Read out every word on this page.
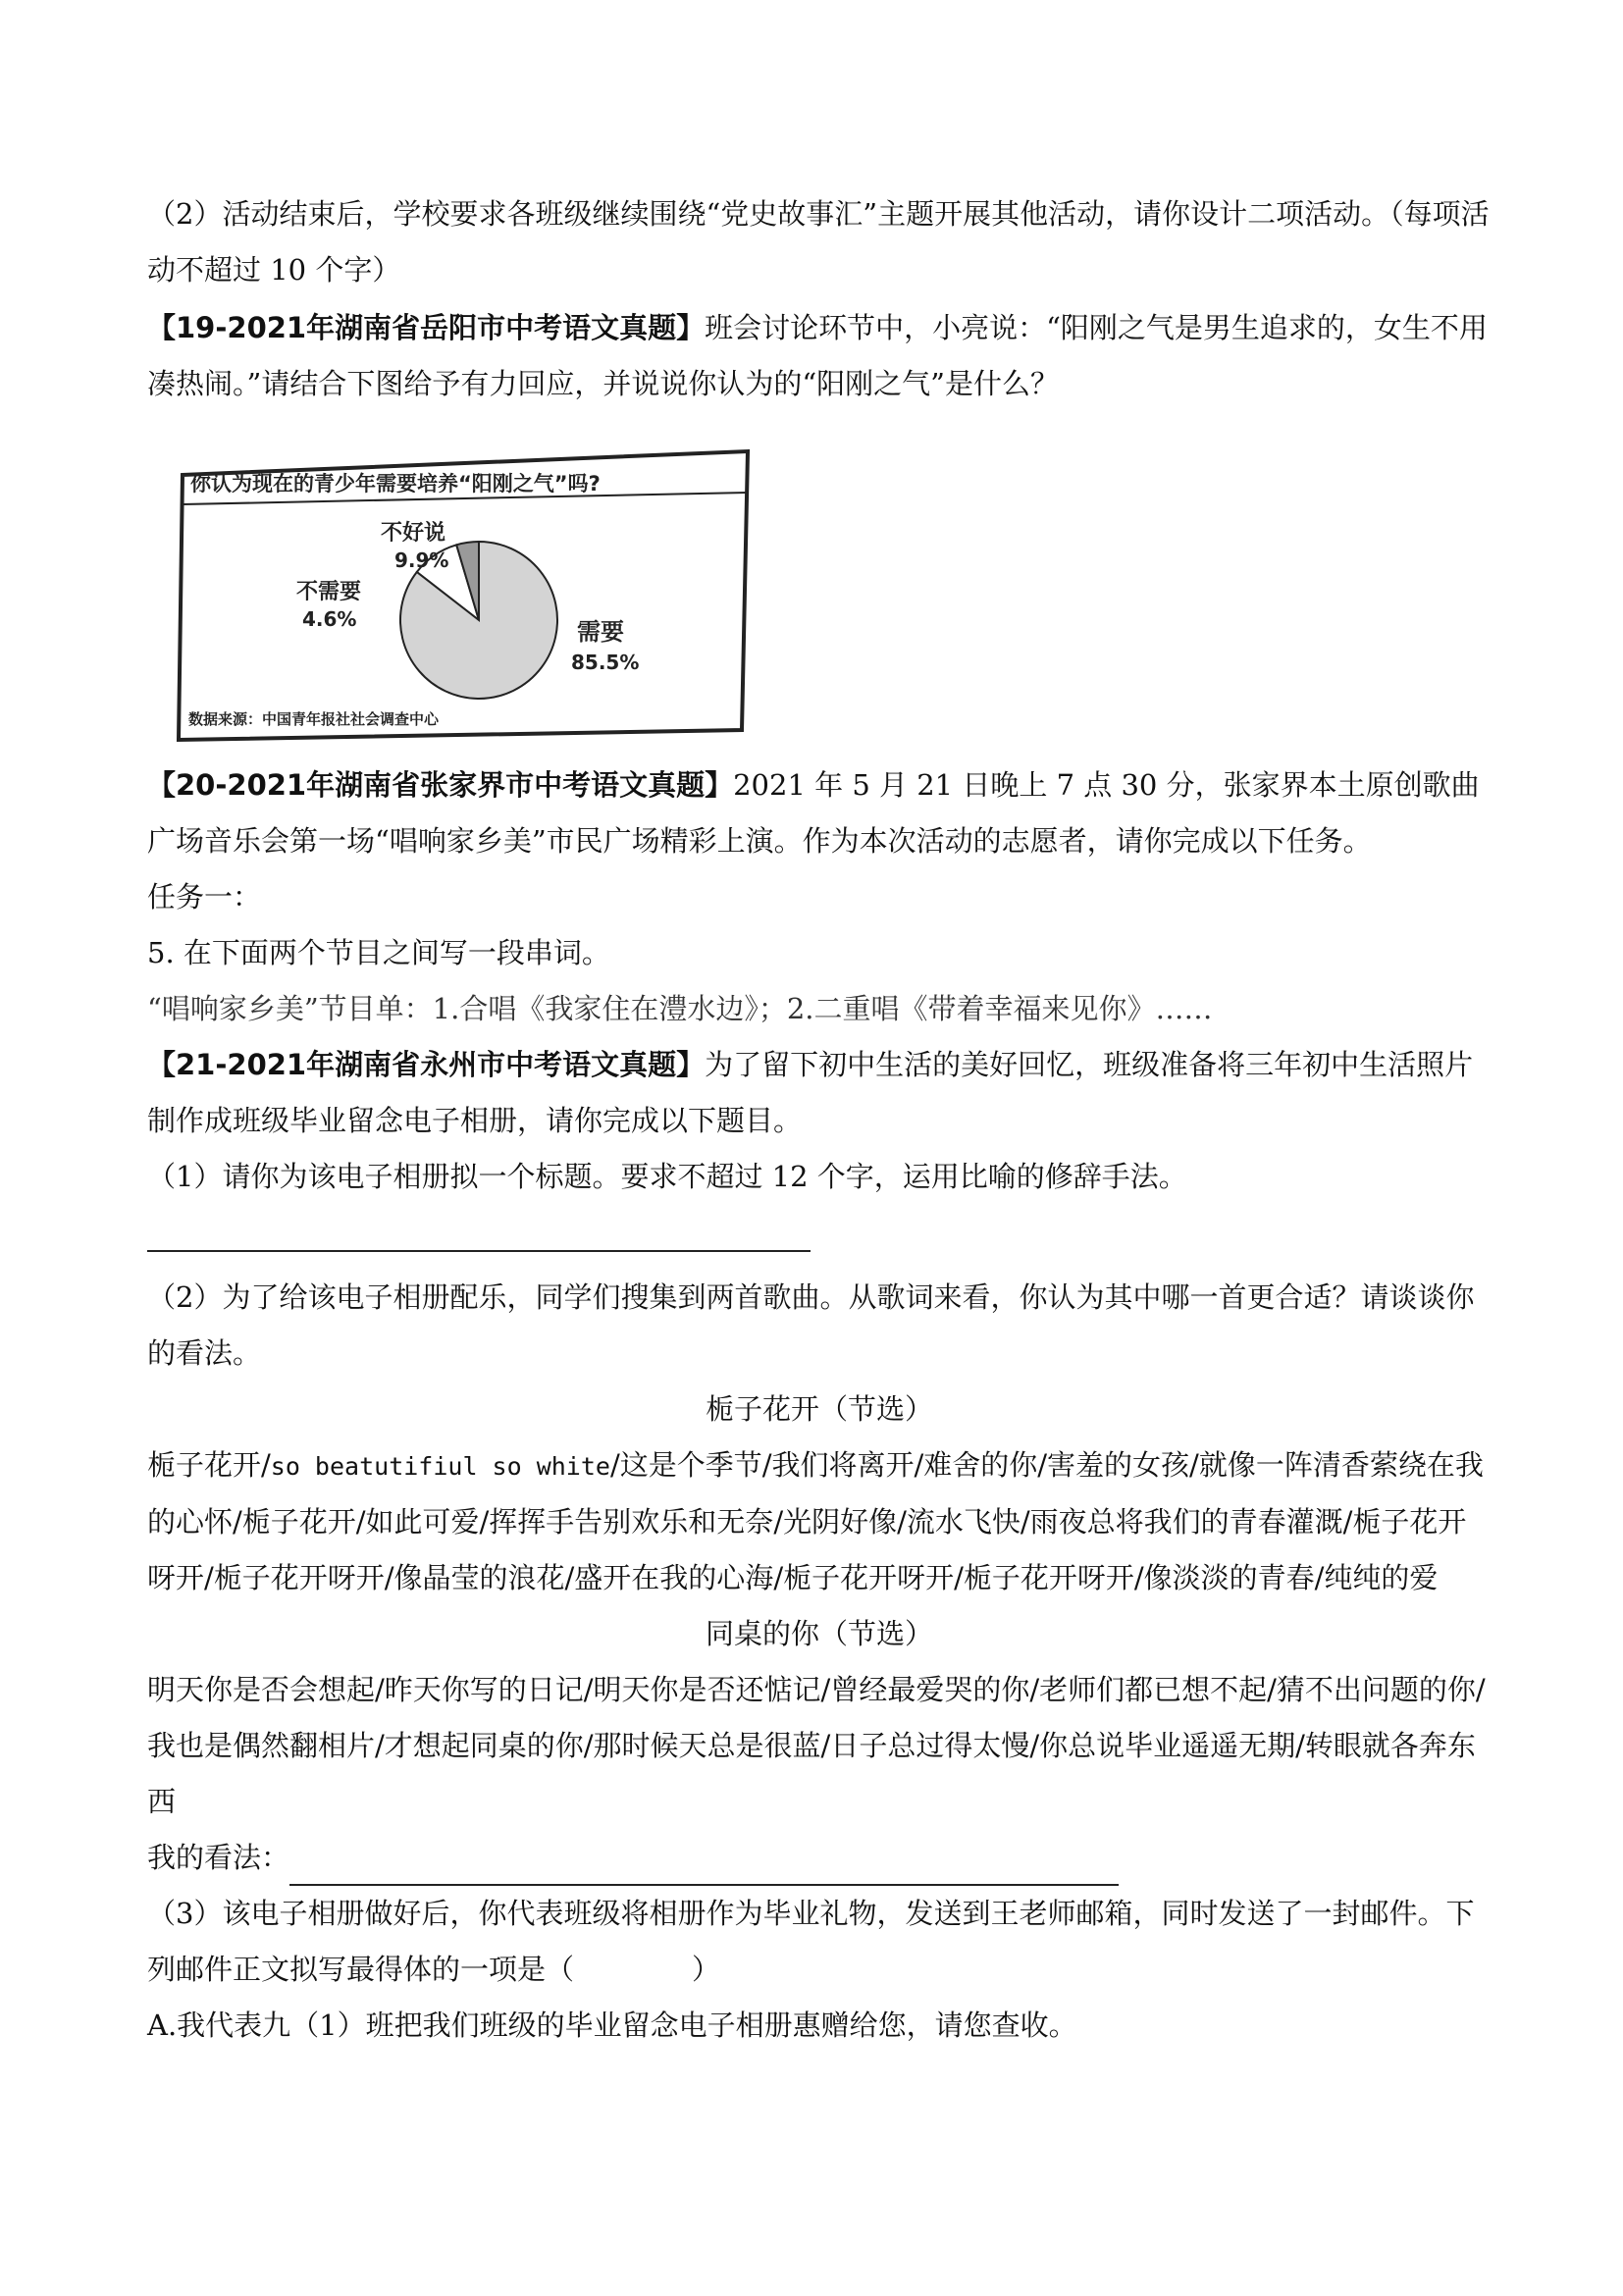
（2）活动结束后，学校要求各班级继续围绕“党史故事汇”主题开展其他活动，请你设计二项活动。（每项活动不超过 10 个字）

【19-2021年湖南省岳阳市中考语文真题】班会讨论环节中，小亮说：“阳刚之气是男生追求的，女生不用凑热闹。”请结合下图给予有力回应，并说说你认为的“阳刚之气”是什么？

你认为现在的青少年需要培养“阳刚之气”吗?
不好说
9.9%
不需要
4.6%	需要
85.5%
数据来源：中国青年报社社会调查中心

【20-2021年湖南省张家界市中考语文真题】2021 年 5 月 21 日晚上 7 点 30 分，张家界本土原创歌曲广场音乐会第一场“唱响家乡美”市民广场精彩上演。作为本次活动的志愿者，请你完成以下任务。

任务一：

5. 在下面两个节目之间写一段串词。

“唱响家乡美”节目单：1.合唱《我家住在澧水边》；2.二重唱《带着幸福来见你》……

【21-2021年湖南省永州市中考语文真题】为了留下初中生活的美好回忆，班级准备将三年初中生活照片制作成班级毕业留念电子相册，请你完成以下题目。

（1）请你为该电子相册拟一个标题。要求不超过 12 个字，运用比喻的修辞手法。

（2）为了给该电子相册配乐，同学们搜集到两首歌曲。从歌词来看，你认为其中哪一首更合适？请谈谈你的看法。

栀子花开（节选）

栀子花开/so beatutifiul so white/这是个季节/我们将离开/难舍的你/害羞的女孩/就像一阵清香萦绕在我的心怀/栀子花开/如此可爱/挥挥手告别欢乐和无奈/光阴好像/流水飞快/雨夜总将我们的青春灌溉/栀子花开呀开/栀子花开呀开/像晶莹的浪花/盛开在我的心海/栀子花开呀开/栀子花开呀开/像淡淡的青春/纯纯的爱

同桌的你（节选）

明天你是否会想起/昨天你写的日记/明天你是否还惦记/曾经最爱哭的你/老师们都已想不起/猜不出问题的你/我也是偶然翻相片/才想起同桌的你/那时候天总是很蓝/日子总过得太慢/你总说毕业遥遥无期/转眼就各奔东西

我的看法：

（3）该电子相册做好后，你代表班级将相册作为毕业礼物，发送到王老师邮箱，同时发送了一封邮件。下列邮件正文拟写最得体的一项是（	）

A.我代表九（1）班把我们班级的毕业留念电子相册惠赠给您，请您查收。
